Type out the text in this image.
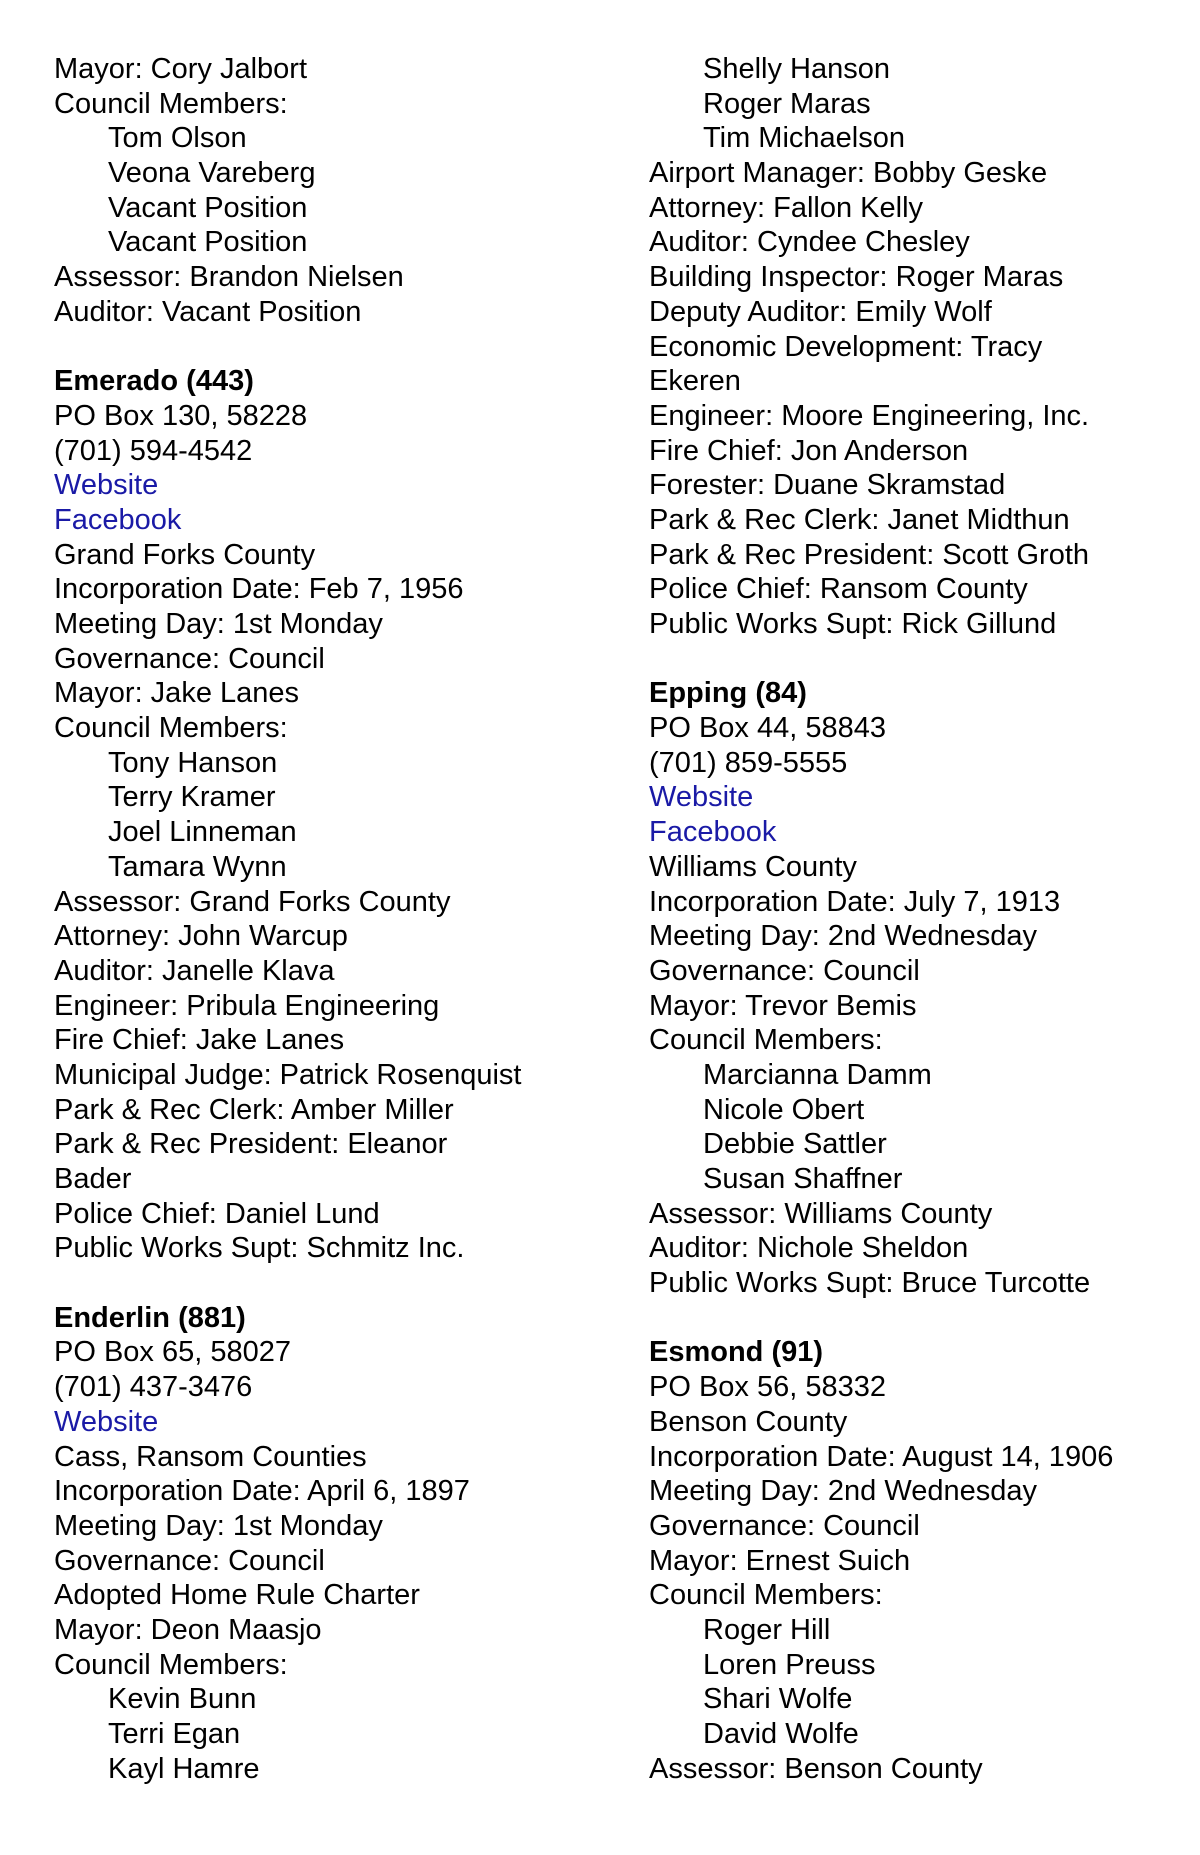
Mayor: Cory Jalbort
Council Members:
Tom Olson
Veona Vareberg
Vacant Position
Vacant Position
Assessor: Brandon Nielsen
Auditor: Vacant Position
Emerado (443)
PO Box 130, 58228
(701) 594-4542
Website
Facebook
Grand Forks County
Incorporation Date: Feb 7, 1956
Meeting Day: 1st Monday
Governance: Council
Mayor: Jake Lanes
Council Members:
Tony Hanson
Terry Kramer
Joel Linneman
Tamara Wynn
Assessor: Grand Forks County
Attorney: John Warcup
Auditor: Janelle Klava
Engineer: Pribula Engineering
Fire Chief: Jake Lanes
Municipal Judge: Patrick Rosenquist
Park & Rec Clerk: Amber Miller
Park & Rec President: Eleanor
Bader
Police Chief: Daniel Lund
Public Works Supt: Schmitz Inc.
Enderlin (881)
PO Box 65, 58027
(701) 437-3476
Website
Cass, Ransom Counties
Incorporation Date: April 6, 1897
Meeting Day: 1st Monday
Governance: Council
Adopted Home Rule Charter
Mayor: Deon Maasjo
Council Members:
Kevin Bunn
Terri Egan
Kayl Hamre
Shelly Hanson
Roger Maras
Tim Michaelson
Airport Manager: Bobby Geske
Attorney: Fallon Kelly
Auditor: Cyndee Chesley
Building Inspector: Roger Maras
Deputy Auditor: Emily Wolf
Economic Development: Tracy
Ekeren
Engineer: Moore Engineering, Inc.
Fire Chief: Jon Anderson
Forester: Duane Skramstad
Park & Rec Clerk: Janet Midthun
Park & Rec President: Scott Groth
Police Chief: Ransom County
Public Works Supt: Rick Gillund
Epping (84)
PO Box 44, 58843
(701) 859-5555
Website
Facebook
Williams County
Incorporation Date: July 7, 1913
Meeting Day: 2nd Wednesday
Governance: Council
Mayor: Trevor Bemis
Council Members:
Marcianna Damm
Nicole Obert
Debbie Sattler
Susan Shaffner
Assessor: Williams County
Auditor: Nichole Sheldon
Public Works Supt: Bruce Turcotte
Esmond (91)
PO Box 56, 58332
Benson County
Incorporation Date: August 14, 1906
Meeting Day: 2nd Wednesday
Governance: Council
Mayor: Ernest Suich
Council Members:
Roger Hill
Loren Preuss
Shari Wolfe
David Wolfe
Assessor: Benson County
